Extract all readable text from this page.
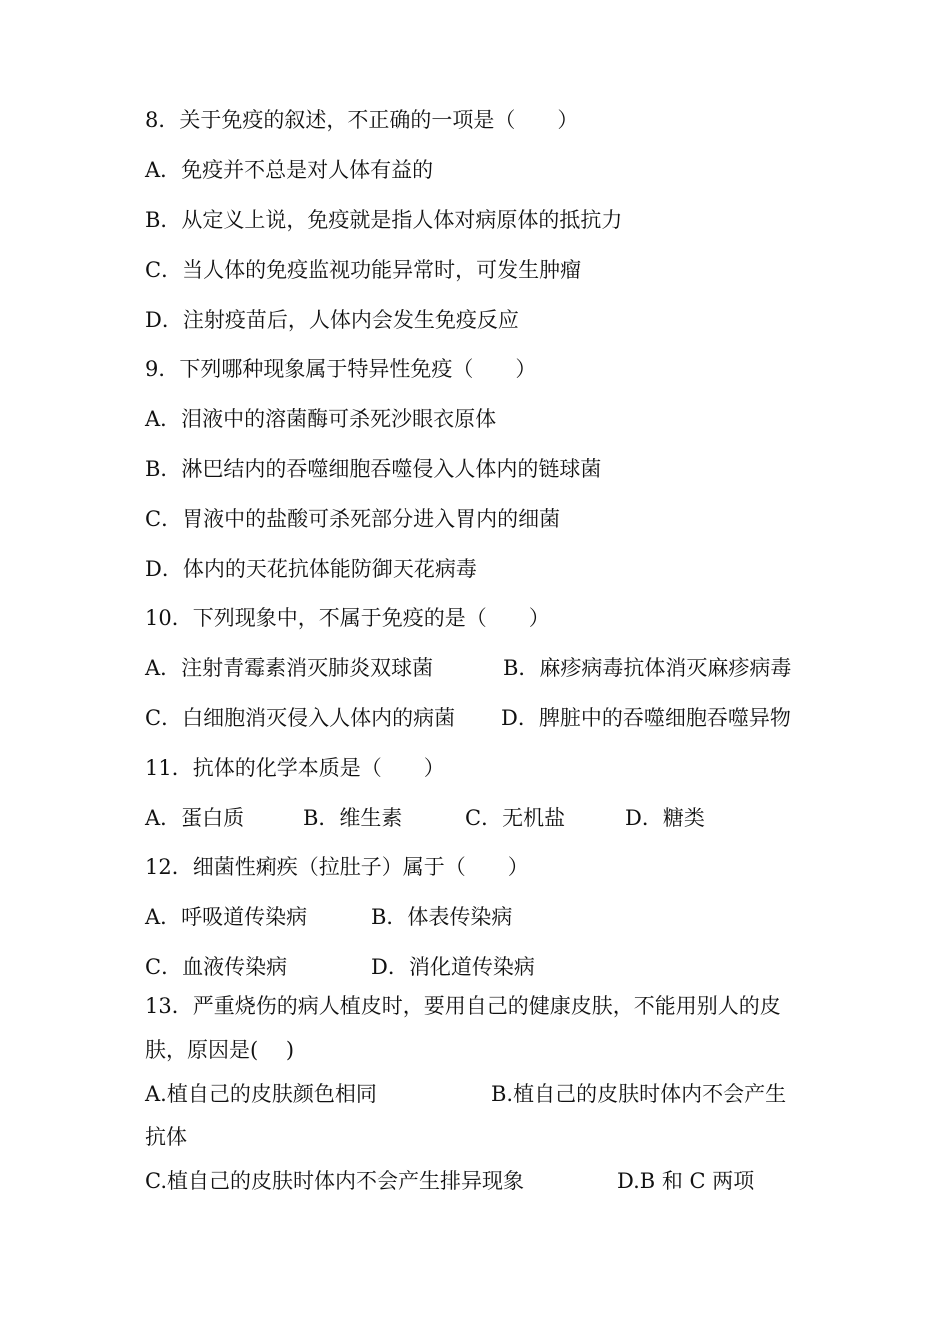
8．关于免疫的叙述，不正确的一项是（　　）
A．免疫并不总是对人体有益的
B．从定义上说，免疫就是指人体对病原体的抵抗力
C．当人体的免疫监视功能异常时，可发生肿瘤
D．注射疫苗后，人体内会发生免疫反应
9．下列哪种现象属于特异性免疫（　　）
A．泪液中的溶菌酶可杀死沙眼衣原体
B．淋巴结内的吞噬细胞吞噬侵入人体内的链球菌
C．胃液中的盐酸可杀死部分进入胃内的细菌
D．体内的天花抗体能防御天花病毒
10．下列现象中，不属于免疫的是（　　）
A．注射青霉素消灭肺炎双球菌	B．麻疹病毒抗体消灭麻疹病毒
C．白细胞消灭侵入人体内的病菌 D．脾脏中的吞噬细胞吞噬异物
11．抗体的化学本质是（　　）
A．蛋白质	B．维生素	C．无机盐	D．糖类
12．细菌性痢疾（拉肚子）属于（　　）
A．呼吸道传染病	B．体表传染病
C．血液传染病	D．消化道传染病
13．严重烧伤的病人植皮时，要用自己的健康皮肤，不能用别人的皮
肤，原因是(　 )
A.植自己的皮肤颜色相同	B.植自己的皮肤时体内不会产生
抗体
C.植自己的皮肤时体内不会产生排异现象	D.B 和 C 两项
